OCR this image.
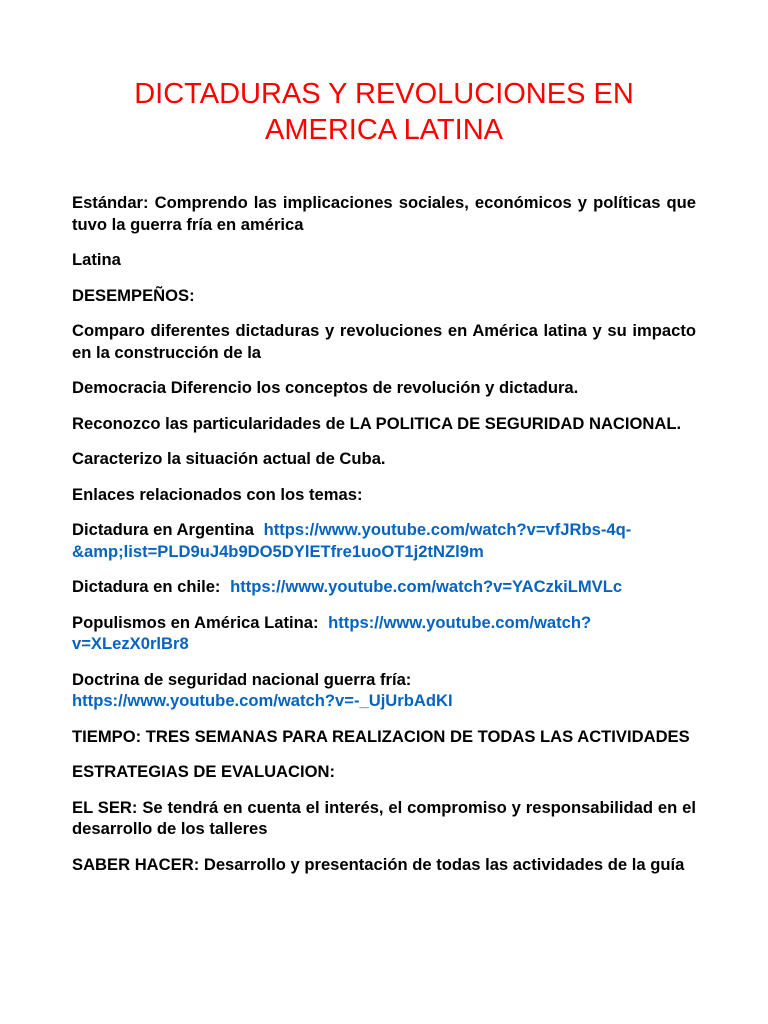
DICTADURAS Y REVOLUCIONES EN
AMERICA LATINA

Estándar: Comprendo las implicaciones sociales, económicos y políticas que tuvo la guerra fría en américa

Latina

DESEMPEÑOS:

Comparo diferentes dictaduras y revoluciones en América latina y su impacto en la construcción de la

Democracia Diferencio los conceptos de revolución y dictadura.

Reconozco las particularidades de LA POLITICA DE SEGURIDAD NACIONAL.

Caracterizo la situación actual de Cuba.

Enlaces relacionados con los temas:

Dictadura en Argentina https://www.youtube.com/watch?v=vfJRbs-4q-
&amp;list=PLD9uJ4b9DO5DYlETfre1uoOT1j2tNZl9m

Dictadura en chile: https://www.youtube.com/watch?v=YACzkiLMVLc

Populismos en América Latina: https://www.youtube.com/watch?
v=XLezX0rlBr8

Doctrina de seguridad nacional guerra fría:
https://www.youtube.com/watch?v=-_UjUrbAdKI

TIEMPO: TRES SEMANAS PARA REALIZACION DE TODAS LAS ACTIVIDADES

ESTRATEGIAS DE EVALUACION:

EL SER: Se tendrá en cuenta el interés, el compromiso y responsabilidad en el desarrollo de los talleres

SABER HACER: Desarrollo y presentación de todas las actividades de la guía
